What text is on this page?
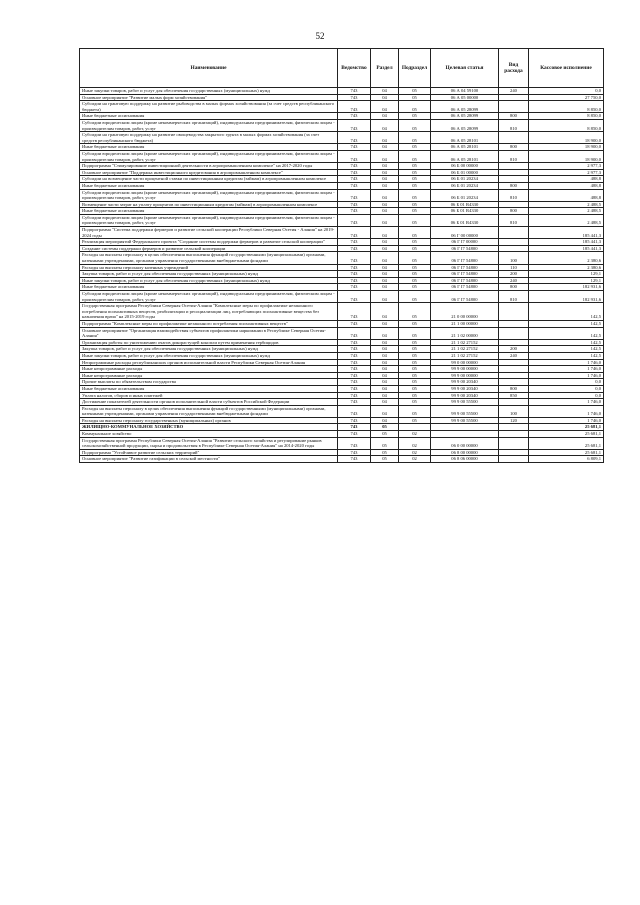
52
Наименование	Ведомство	Раздел	Подраздел	Целевая статья	Вид расхода	Кассовое исполнение
Иные закупки товаров, работ и услуг для обеспечения государственных (муниципальных) нужд	743	04	05	06 А 04 59100	240	0,0
Основное мероприятие "Развитие малых форм хозяйствования"	743	04	05	06 А 05 00000		27 750,0
Субсидии на грантовую поддержку на развитие рыбоводства в малых формах хозяйствования (за счет средств республиканского бюджета)	743	04	05	06 А 05 28099		8 850,0
Иные бюджетные ассигнования	743	04	05	06 А 05 28099	800	8 850,0
Субсидии юридическим лицам (кроме некоммерческих организаций), индивидуальным предпринимателям, физическим лицам - производителям товаров, работ, услуг	743	04	05	06 А 05 28099	810	8 850,0
Субсидии на грантовую поддержку на развитие овощеводства закрытого грунта в малых формах хозяйствования (за счет средств республиканского бюджета)	743	04	05	06 А 05 28101		18 900,0
Иные бюджетные ассигнования	743	04	05	06 А 05 28101	800	18 900,0
Субсидии юридическим лицам (кроме некоммерческих организаций), индивидуальным предпринимателям, физическим лицам - производителям товаров, работ, услуг	743	04	05	06 А 05 28101	810	18 900,0
Подпрограмма "Стимулирование инвестиционной деятельности в агропромышленном комплексе" на 2017-2020 годы	743	04	05	06 Б 00 00000		2 977,3
Основное мероприятие "Поддержка инвестиционного кредитования в агропромышленном комплексе"	743	04	05	06 Б 01 00000		2 977,3
Субсидии на возмещение части процентной ставки по инвестиционным кредитам (займам) в агропромышленном комплексе	743	04	05	06 Б 01 20234		488,8
Иные бюджетные ассигнования	743	04	05	06 Б 01 20234	800	488,8
Субсидии юридическим лицам (кроме некоммерческих организаций), индивидуальным предпринимателям, физическим лицам - производителям товаров, работ, услуг	743	04	05	06 Б 01 20234	810	488,8
Возмещение части затрат на уплату процентов по инвестиционным кредитам (займам) в агропромышленном комплексе	743	04	05	06 Б 01 R4330		2 488,5
Иные бюджетные ассигнования	743	04	05	06 Б 01 R4330	800	2 488,5
Субсидии юридическим лицам (кроме некоммерческих организаций), индивидуальным предпринимателям, физическим лицам - производителям товаров, работ, услуг	743	04	05	06 Б 01 R4330	810	2 488,5
Подпрограмма "Система поддержки фермеров и развитие сельской кооперации Республики Северная Осетия - Алания" на 2019-2024 годы	743	04	05	06 Г 00 00000		185 441,3
Реализация мероприятий Федерального проекта "Создание системы поддержки фермеров и развитие сельской кооперации"	743	04	05	06 Г I7 00000		185 441,3
Создание системы поддержки фермеров и развитие сельской кооперации	743	04	05	06 Г I7 54800		185 441,3
Расходы на выплаты персоналу в целях обеспечения выполнения функций государственными (муниципальными) органами, казенными учреждениями, органами управления государственными внебюджетными фондами	743	04	05	06 Г I7 54800	100	2 380,6
Расходы на выплаты персоналу казенных учреждений	743	04	05	06 Г I7 54800	110	2 380,6
Закупка товаров, работ и услуг для обеспечения государственных (муниципальных) нужд	743	04	05	06 Г I7 54800	200	129,1
Иные закупки товаров, работ и услуг для обеспечения государственных (муниципальных) нужд	743	04	05	06 Г I7 54800	240	129,1
Иные бюджетные ассигнования	743	04	05	06 Г I7 54800	800	182 931,6
Субсидии юридическим лицам (кроме некоммерческих организаций), индивидуальным предпринимателям, физическим лицам - производителям товаров, работ, услуг	743	04	05	06 Г I7 54800	810	182 931,6
Государственная программа Республики Северная Осетия-Алания "Комплексные меры по профилактике незаконного потребления психоактивных веществ, реабилитации и ресоциализации лиц, потребляющих психоактивные вещества без назначения врача" на 2015-2019 годы	743	04	05	21 0 00 00000		142,5
Подпрограмма "Комплексные меры по профилактике незаконного потребления психоактивных веществ"	743	04	05	21 1 00 00000		142,5
Основное мероприятие "Организация взаимодействия субъектов профилактики наркомании в Республике Северная Осетия-Алания"	743	04	05	21 1 02 00000		142,5
Организация работы по уничтожению очагов дикорастущей конопли путем применения гербицидов	743	04	05	21 1 02 27152		142,5
Закупка товаров, работ и услуг для обеспечения государственных (муниципальных) нужд	743	04	05	21 1 02 27152	200	142,5
Иные закупки товаров, работ и услуг для обеспечения государственных (муниципальных) нужд	743	04	05	21 1 02 27152	240	142,5
Непрограммные расходы республиканских органов исполнительной власти Республики Северная Осетия-Алания	743	04	05	99 0 00 00000		1 746,0
Иные непрограммные расходы	743	04	05	99 9 00 00000		1 746,0
Иные непрограммные расходы	743	04	05	99 9 00 00000		1 746,0
Прочие выплаты по обязательствам государства	743	04	05	99 9 00 20340		0,0
Иные бюджетные ассигнования	743	04	05	99 9 00 20340	800	0,0
Уплата налогов, сборов и иных платежей	743	04	05	99 9 00 20340	850	0,0
Достижение показателей деятельности органов исполнительной власти субъектов Российской Федерации	743	04	05	99 9 00 55500		1 746,0
Расходы на выплаты персоналу в целях обеспечения выполнения функций государственными (муниципальными) органами, казенными учреждениями, органами управления государственными внебюджетными фондами	743	04	05	99 9 00 55500	100	1 746,0
Расходы на выплаты персоналу государственных (муниципальных) органов	743	04	05	99 9 00 55500	120	1 746,0
ЖИЛИЩНО-КОММУНАЛЬНОЕ ХОЗЯЙСТВО	743	05				25 681,1
Коммунальное хозяйство	743	05	02			25 681,1
Государственная программа Республики Северная Осетия-Алания "Развитие сельского хозяйства и регулирование рынков сельскохозяйственной продукции, сырья и продовольствия в Республике Северная Осетия-Алания" на 2014-2020 годы	743	05	02	06 0 00 00000		25 681,1
Подпрограмма "Устойчивое развитие сельских территорий"	743	05	02	06 8 00 00000		25 681,1
Основное мероприятие "Развитие газификации в сельской местности"	743	05	02	06 8 06 00000		6 809,1
